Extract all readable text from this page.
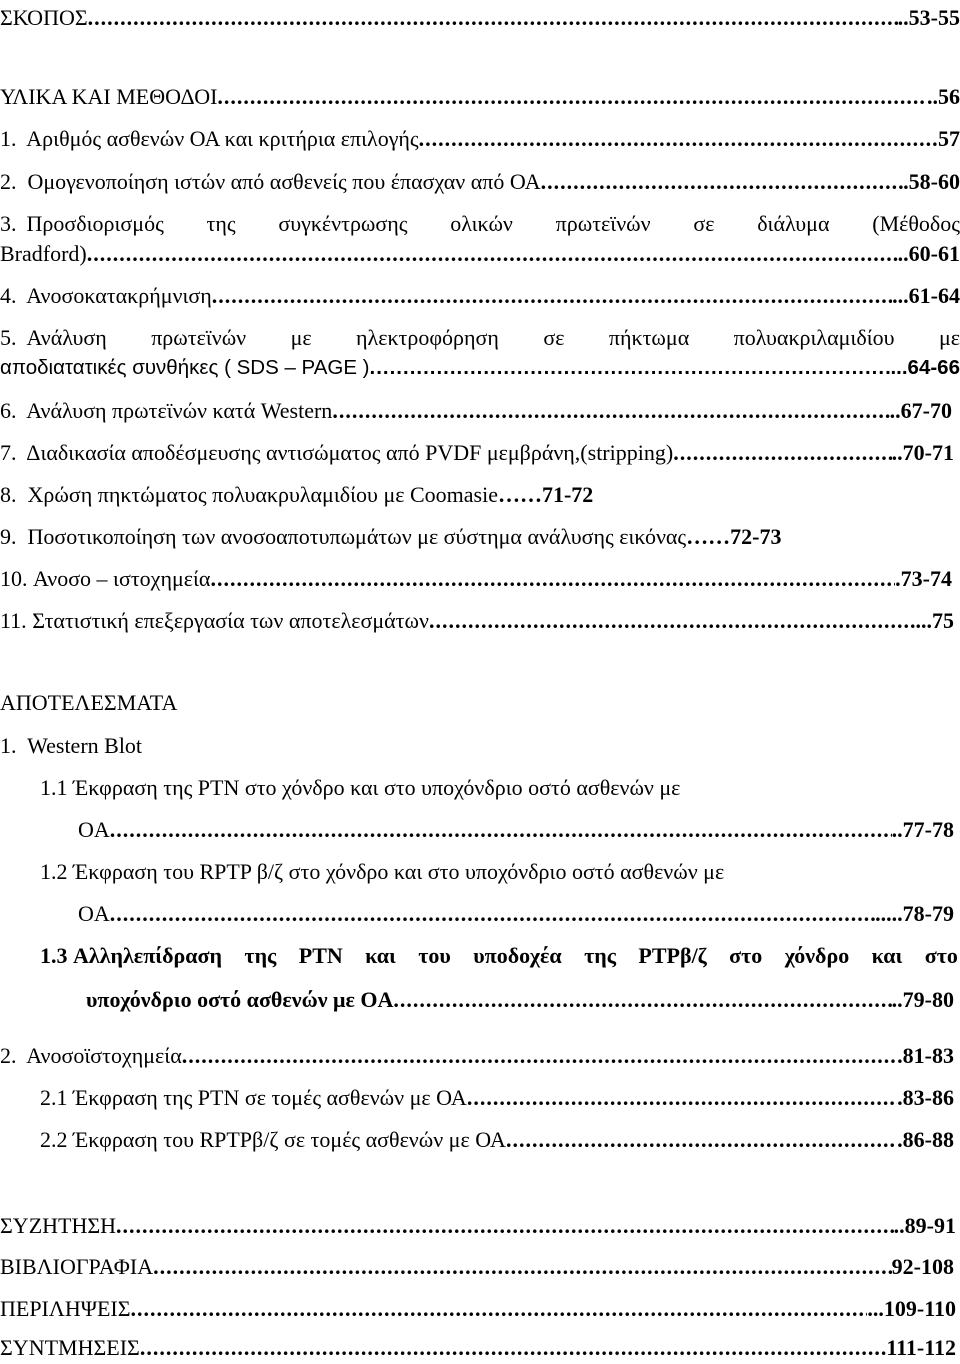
ΣΚΟΠΟΣ .....	..53-55
ΥΛΙΚΑ ΚΑΙ ΜΕΘΟΔΟΙ .....	..56
1. Αριθμός ασθενών ΟΑ και κριτήρια επιλογής .....	57
2. Ομογενοποίηση ιστών από ασθενείς που έπασχαν από ΟΑ .....	.58-60
3. Προσδιορισμός της συγκέντρωσης ολικών πρωτεϊνών σε διάλυμα (Μέθοδος
Bradford) .....	..60-61
4. Ανοσοκατακρήμνιση .....	...61-64
5. Ανάλυση πρωτεϊνών με ηλεκτροφόρηση σε πήκτωμα πολυακριλαμιδίου με
αποδιατατικές συνθήκες ( SDS – PAGE ) .....	...64-66
6. Ανάλυση πρωτεϊνών κατά Western .....	..67-70
7. Διαδικασία αποδέσμευσης αντισώματος από PVDF μεμβράνη,(stripping) .....	..70-71
8. Χρώση πηκτώματος πολυακρυλαμιδίου με Coomasie……71-72
9. Ποσοτικοποίηση των ανοσοαποτυπωμάτων με σύστημα ανάλυσης εικόνας……72-73
10. Ανοσο – ιστοχημεία .....	.73-74
11. Στατιστική επεξεργασία των αποτελεσμάτων .....	...75
ΑΠΟΤΕΛΕΣΜΑΤΑ
1. Western Blot
1.1 Έκφραση της PTN στο χόνδρο και στο υποχόνδριο οστό ασθενών με
OA .....	..77-78
1.2 Έκφραση του RPTP β/ζ στο χόνδρο και στο υποχόνδριο οστό ασθενών με
OA .....	.....78-79
1.3 Αλληλεπίδραση της PTN και του υποδοχέα της PTPβ/ζ στο χόνδρο και στο
υποχόνδριο οστό ασθενών με OA .....	..79-80
2. Ανοσοϊστοχημεία .....	.81-83
2.1 Έκφραση της PTN σε τομές ασθενών με ΟΑ .....	.83-86
2.2 Έκφραση του RPTPβ/ζ σε τομές ασθενών με ΟΑ .....	.86-88
ΣΥΖΗΤΗΣΗ .....	..89-91
ΒΙΒΛΙΟΓΡΑΦΙΑ .....	92-108
ΠΕΡΙΛΗΨΕΙΣ .....	...109-110
ΣΥΝΤΜΗΣΕΙΣ .....	.111-112
